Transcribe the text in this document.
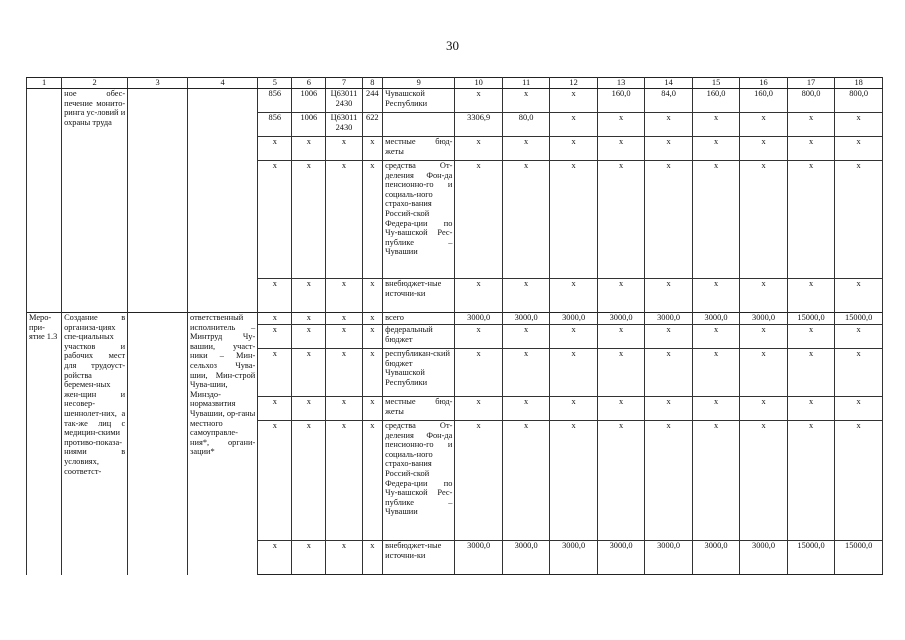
30
1	2	3	4	5	6	7	8	9	10	11	12	13	14	15	16	17	18
	ное обес-печение монито-ринга ус-ловий и охраны труда			856	1006	Ц63011 2430	244	Чувашской Республики	x	x	x	160,0	84,0	160,0	160,0	800,0	800,0
				856	1006	Ц63011 2430	622		3306,9	80,0	x	x	x	x	x	x	x
				x	x	x	x	местные бюд-жеты	x	x	x	x	x	x	x	x	x
				x	x	x	x	средства От-деления Фон-да пенсионно-го и социаль-ного страхо-вания Россий-ской Федера-ции по Чу-вашской Рес-публике – Чувашии	x	x	x	x	x	x	x	x	x
				x	x	x	x	внебюджет-ные источни-ки	x	x	x	x	x	x	x	x	x
Меро-при-ятие 1.3	Создание в организа-циях спе-циальных участков и рабочих мест для трудоуст-ройства беремен-ных жен-щин и несовер-шеннолет-них, а так-же лиц с медицин-скими противо-показа-ниями в условиях, соответст-		ответственный исполнитель – Минтруд Чу-вашии, участ-ники – Мин-сельхоз Чува-шии, Мин-строй Чува-шии, Минздо-нормазвития Чувашии, ор-ганы местного самоуправле-ния*, органи-зации*	x	x	x	x	всего	3000,0	3000,0	3000,0	3000,0	3000,0	3000,0	3000,0	15000,0	15000,0
				x	x	x	x	федеральный бюджет	x	x	x	x	x	x	x	x	x
				x	x	x	x	республикан-ский бюджет Чувашской Республики	x	x	x	x	x	x	x	x	x
				x	x	x	x	местные бюд-жеты	x	x	x	x	x	x	x	x	x
				x	x	x	x	средства От-деления Фон-да пенсионно-го и социаль-ного страхо-вания Россий-ской Федера-ции по Чу-вашской Рес-публике – Чувашии	x	x	x	x	x	x	x	x	x
				x	x	x	x	внебюджет-ные источни-ки	3000,0	3000,0	3000,0	3000,0	3000,0	3000,0	3000,0	15000,0	15000,0
